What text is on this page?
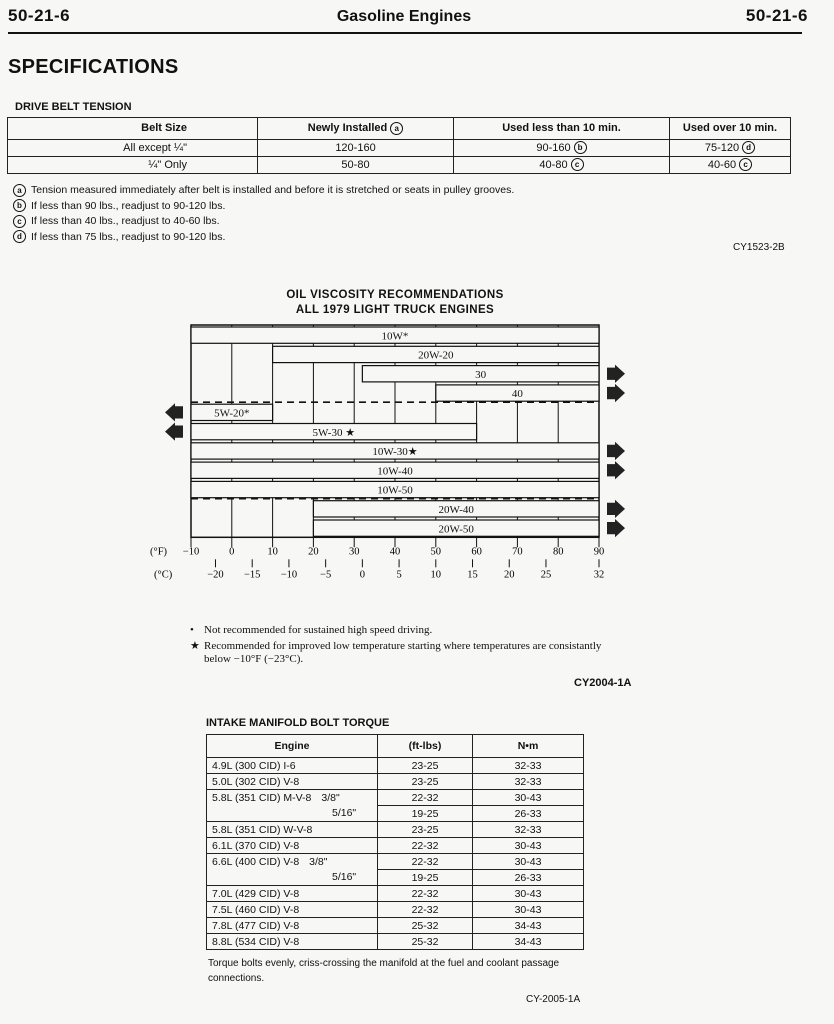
50-21-6	Gasoline Engines	50-21-6
SPECIFICATIONS
DRIVE BELT TENSION
Belt Size	Newly Installed a	Used less than 10 min.	Used over 10 min.
All except ¼"	120-160	90-160 b	75-120 d
¼" Only	50-80	40-80 c	40-60 c
a Tension measured immediately after belt is installed and before it is stretched or seats in pulley grooves.
b If less than 90 lbs., readjust to 90-120 lbs.
c If less than 40 lbs., readjust to 40-60 lbs.
d If less than 75 lbs., readjust to 90-120 lbs.
CY1523-2B
OIL VISCOSITY RECOMMENDATIONS
ALL 1979 LIGHT TRUCK ENGINES
10W*
20W-20
30
40
5W-20*
5W-30 ★
10W-30★
10W-40
10W-50
20W-40
20W-50
(°F) −10	0	10	20	30	40	50	60	70	80	90
(°C)	−20 −15 −10 −5	0	5	10 15 20 25	32
• Not recommended for sustained high speed driving.
★ Recommended for improved low temperature starting where temperatures are consistantly below −10°F (−23°C).
CY2004-1A
INTAKE MANIFOLD BOLT TORQUE
Engine	(ft-lbs)	N•m
4.9L (300 CID) I-6	23-25	32-33
5.0L (302 CID) V-8	23-25	32-33
5.8L (351 CID) M-V-8 3/8"	22-32	30-43
5/16"	19-25	26-33
5.8L (351 CID) W-V-8	23-25	32-33
6.1L (370 CID) V-8	22-32	30-43
6.6L (400 CID) V-8 3/8"	22-32	30-43
5/16"	19-25	26-33
7.0L (429 CID) V-8	22-32	30-43
7.5L (460 CID) V-8	22-32	30-43
7.8L (477 CID) V-8	25-32	34-43
8.8L (534 CID) V-8	25-32	34-43
Torque bolts evenly, criss-crossing the manifold at the fuel and coolant passage connections.
CY-2005-1A
